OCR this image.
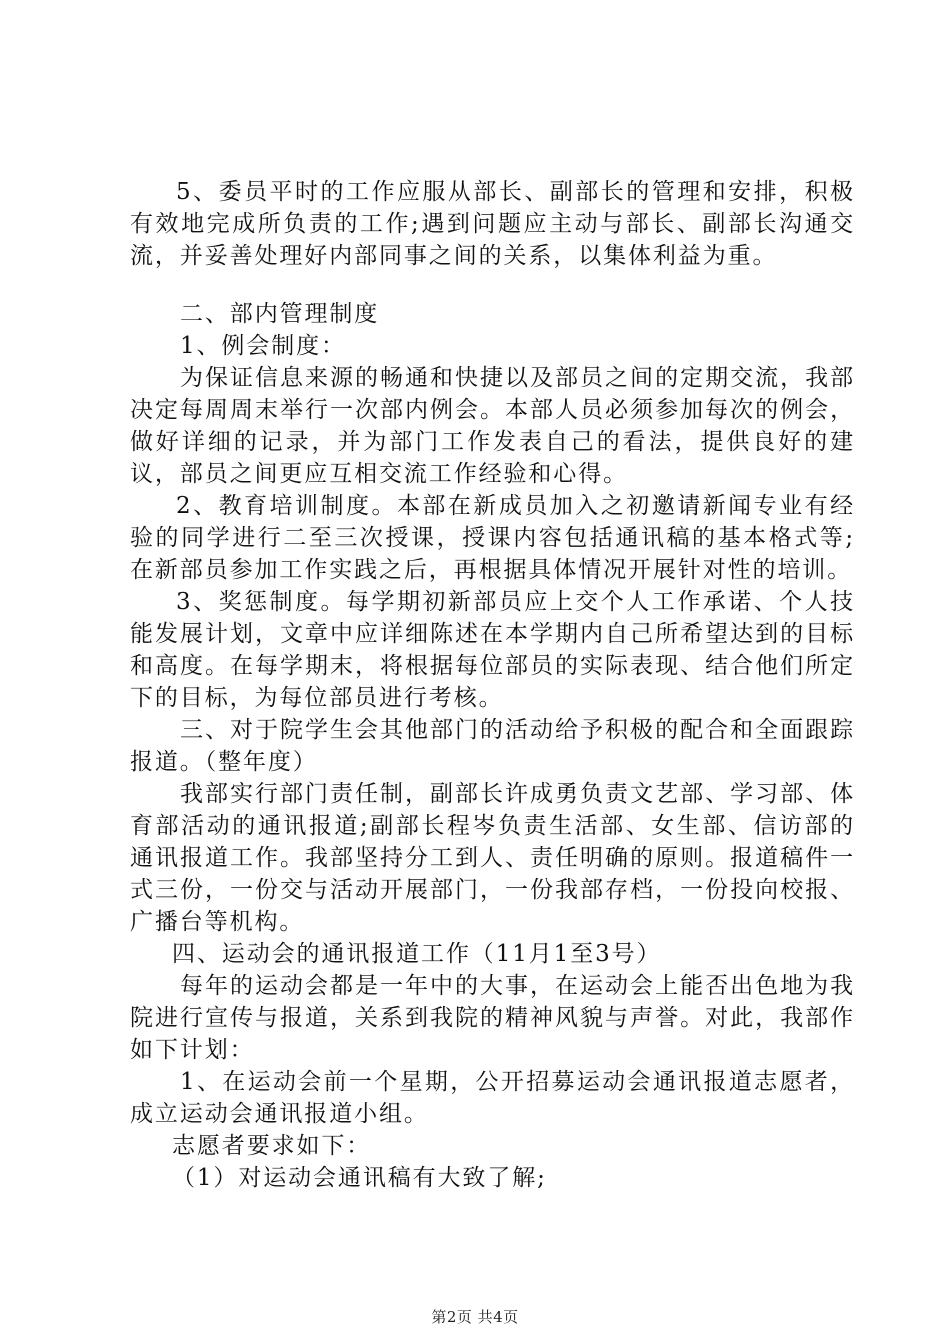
5、委员平时的工作应服从部长、副部长的管理和安排，积极有效地完成所负责的工作;遇到问题应主动与部长、副部长沟通交流，并妥善处理好内部同事之间的关系，以集体利益为重。

二、部内管理制度

1、例会制度：

为保证信息来源的畅通和快捷以及部员之间的定期交流，我部决定每周周末举行一次部内例会。本部人员必须参加每次的例会，做好详细的记录，并为部门工作发表自己的看法，提供良好的建议，部员之间更应互相交流工作经验和心得。

2、教育培训制度。本部在新成员加入之初邀请新闻专业有经验的同学进行二至三次授课，授课内容包括通讯稿的基本格式等;在新部员参加工作实践之后，再根据具体情况开展针对性的培训。

3、奖惩制度。每学期初新部员应上交个人工作承诺、个人技能发展计划，文章中应详细陈述在本学期内自己所希望达到的目标和高度。在每学期末，将根据每位部员的实际表现、结合他们所定下的目标，为每位部员进行考核。

三、对于院学生会其他部门的活动给予积极的配合和全面跟踪报道。（整年度）

我部实行部门责任制，副部长许成勇负责文艺部、学习部、体育部活动的通讯报道;副部长程岑负责生活部、女生部、信访部的通讯报道工作。我部坚持分工到人、责任明确的原则。报道稿件一式三份，一份交与活动开展部门，一份我部存档，一份投向校报、广播台等机构。

四、运动会的通讯报道工作（11月1至3号）

每年的运动会都是一年中的大事，在运动会上能否出色地为我院进行宣传与报道，关系到我院的精神风貌与声誉。对此，我部作如下计划：

1、在运动会前一个星期，公开招募运动会通讯报道志愿者，成立运动会通讯报道小组。

志愿者要求如下：

（1）对运动会通讯稿有大致了解;

第2页 共4页
